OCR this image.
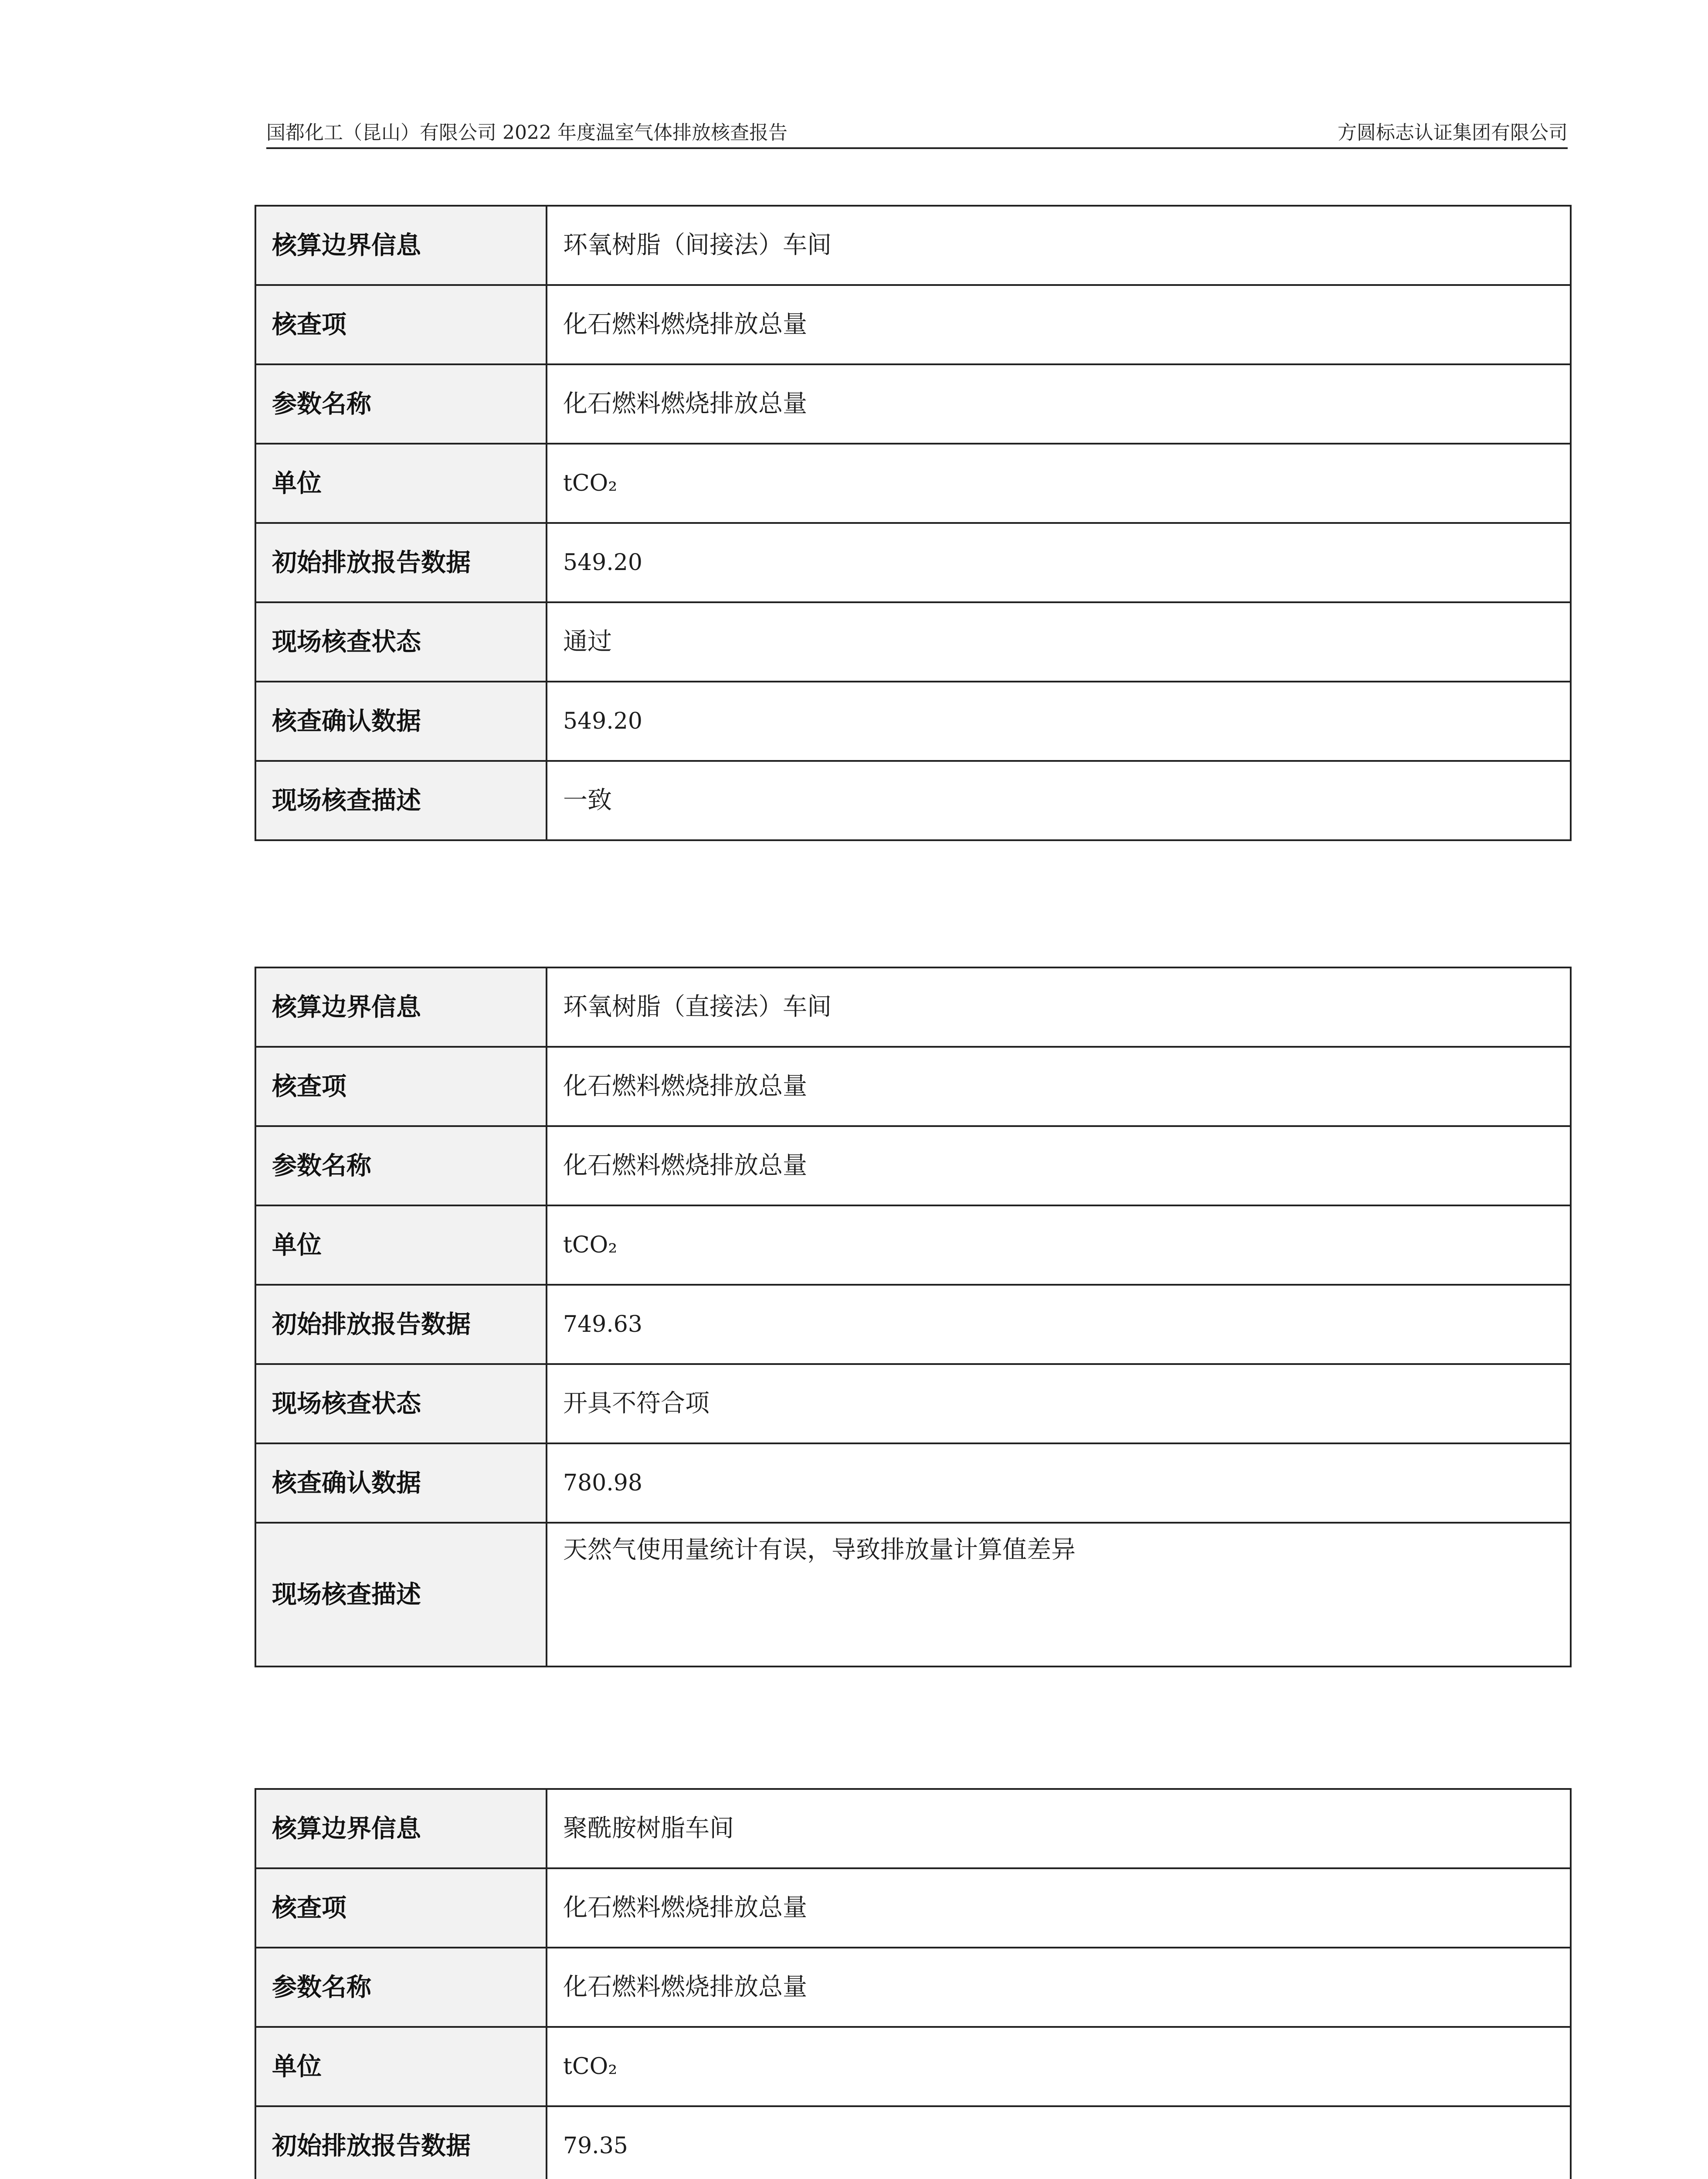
国都化工（昆山）有限公司 2022 年度温室气体排放核查报告	方圆标志认证集团有限公司
核算边界信息	环氧树脂（间接法）车间
核查项	化石燃料燃烧排放总量
参数名称	化石燃料燃烧排放总量
单位	tCO₂
初始排放报告数据	549.20
现场核查状态	通过
核查确认数据	549.20
现场核查描述	一致
核算边界信息	环氧树脂（直接法）车间
核查项	化石燃料燃烧排放总量
参数名称	化石燃料燃烧排放总量
单位	tCO₂
初始排放报告数据	749.63
现场核查状态	开具不符合项
核查确认数据	780.98
现场核查描述	天然气使用量统计有误，导致排放量计算值差异
核算边界信息	聚酰胺树脂车间
核查项	化石燃料燃烧排放总量
参数名称	化石燃料燃烧排放总量
单位	tCO₂
初始排放报告数据	79.35
